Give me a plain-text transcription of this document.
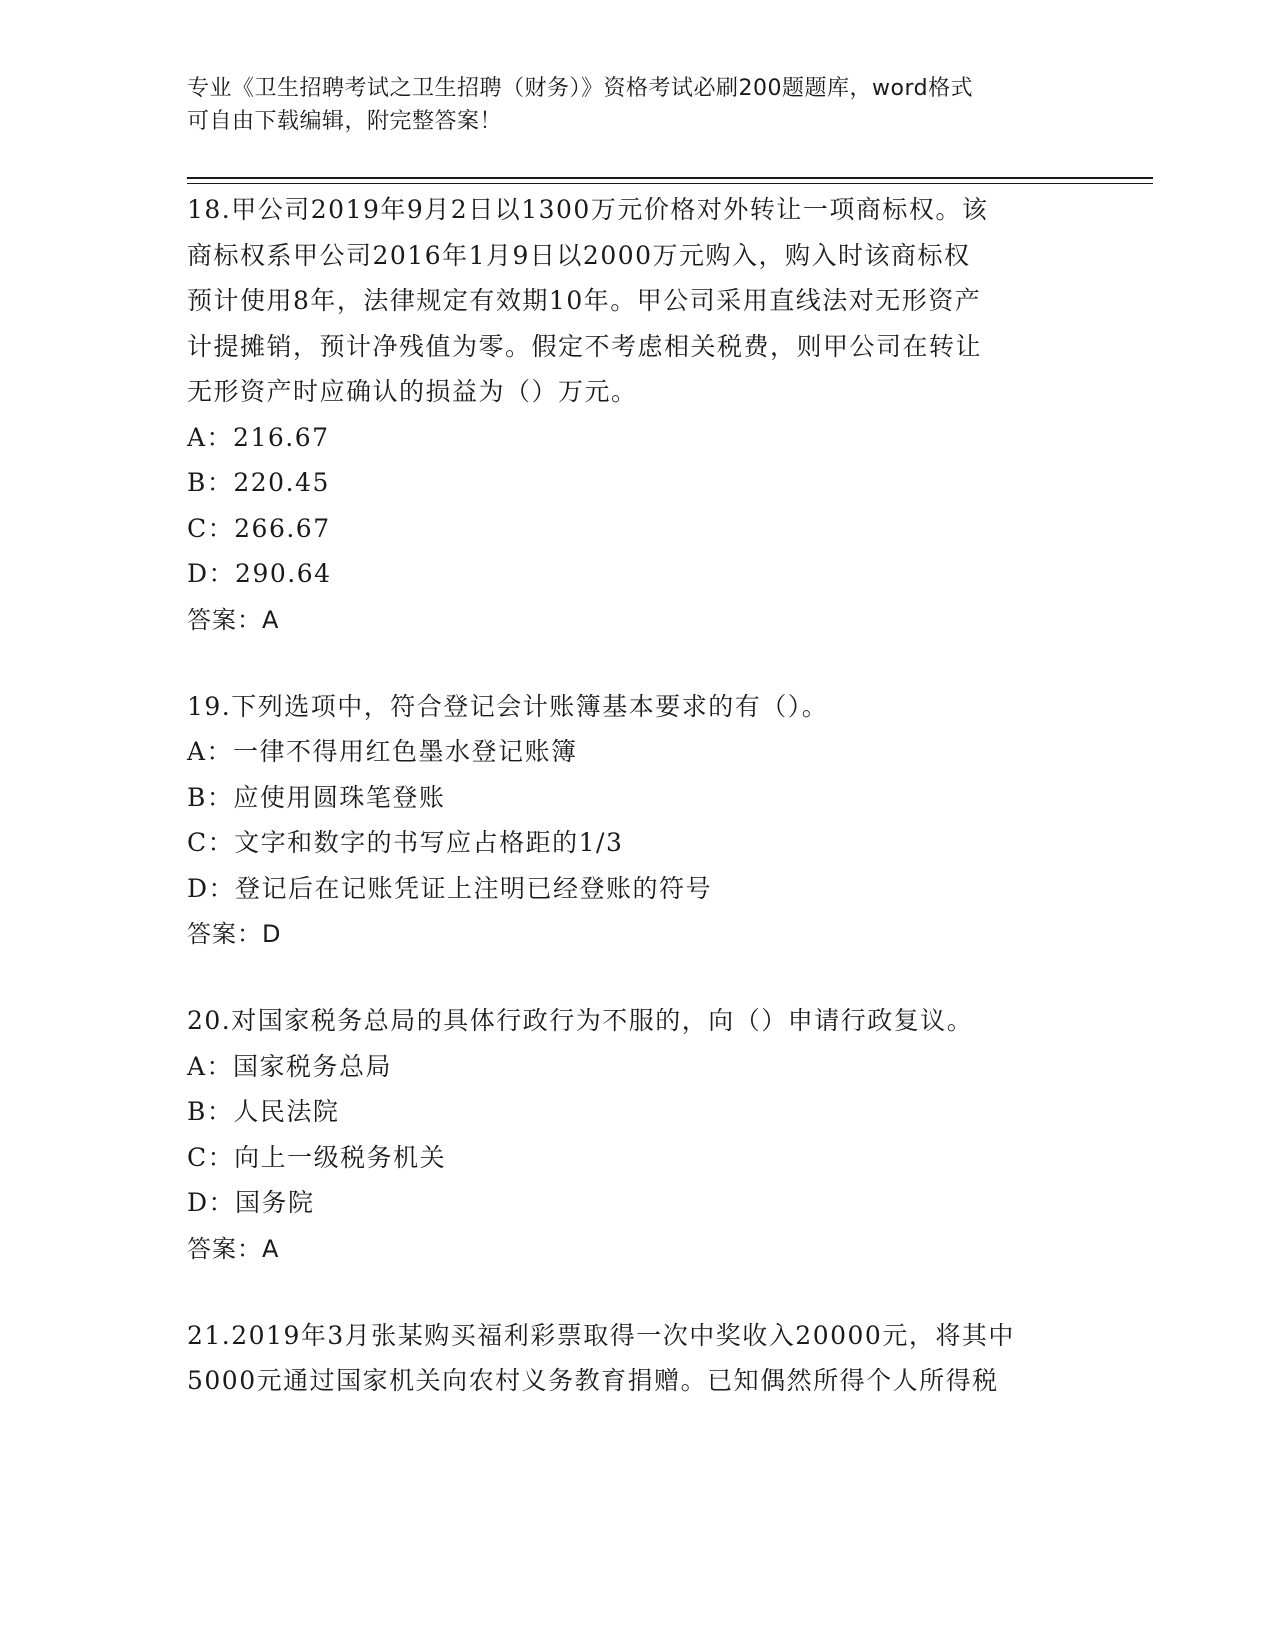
专业《卫生招聘考试之卫生招聘（财务）》资格考试必刷200题题库，word格式
可自由下载编辑，附完整答案！

18.甲公司2019年9月2日以1300万元价格对外转让一项商标权。该

商标权系甲公司2016年1月9日以2000万元购入，购入时该商标权

预计使用8年，法律规定有效期10年。甲公司采用直线法对无形资产

计提摊销，预计净残值为零。假定不考虑相关税费，则甲公司在转让

无形资产时应确认的损益为（）万元。

A：216.67

B：220.45

C：266.67

D：290.64

答案：A

19.下列选项中，符合登记会计账簿基本要求的有（）。

A：一律不得用红色墨水登记账簿

B：应使用圆珠笔登账

C：文字和数字的书写应占格距的1/3

D：登记后在记账凭证上注明已经登账的符号

答案：D

20.对国家税务总局的具体行政行为不服的，向（）申请行政复议。

A：国家税务总局

B：人民法院

C：向上一级税务机关

D：国务院

答案：A

21.2019年3月张某购买福利彩票取得一次中奖收入20000元，将其中

5000元通过国家机关向农村义务教育捐赠。已知偶然所得个人所得税
